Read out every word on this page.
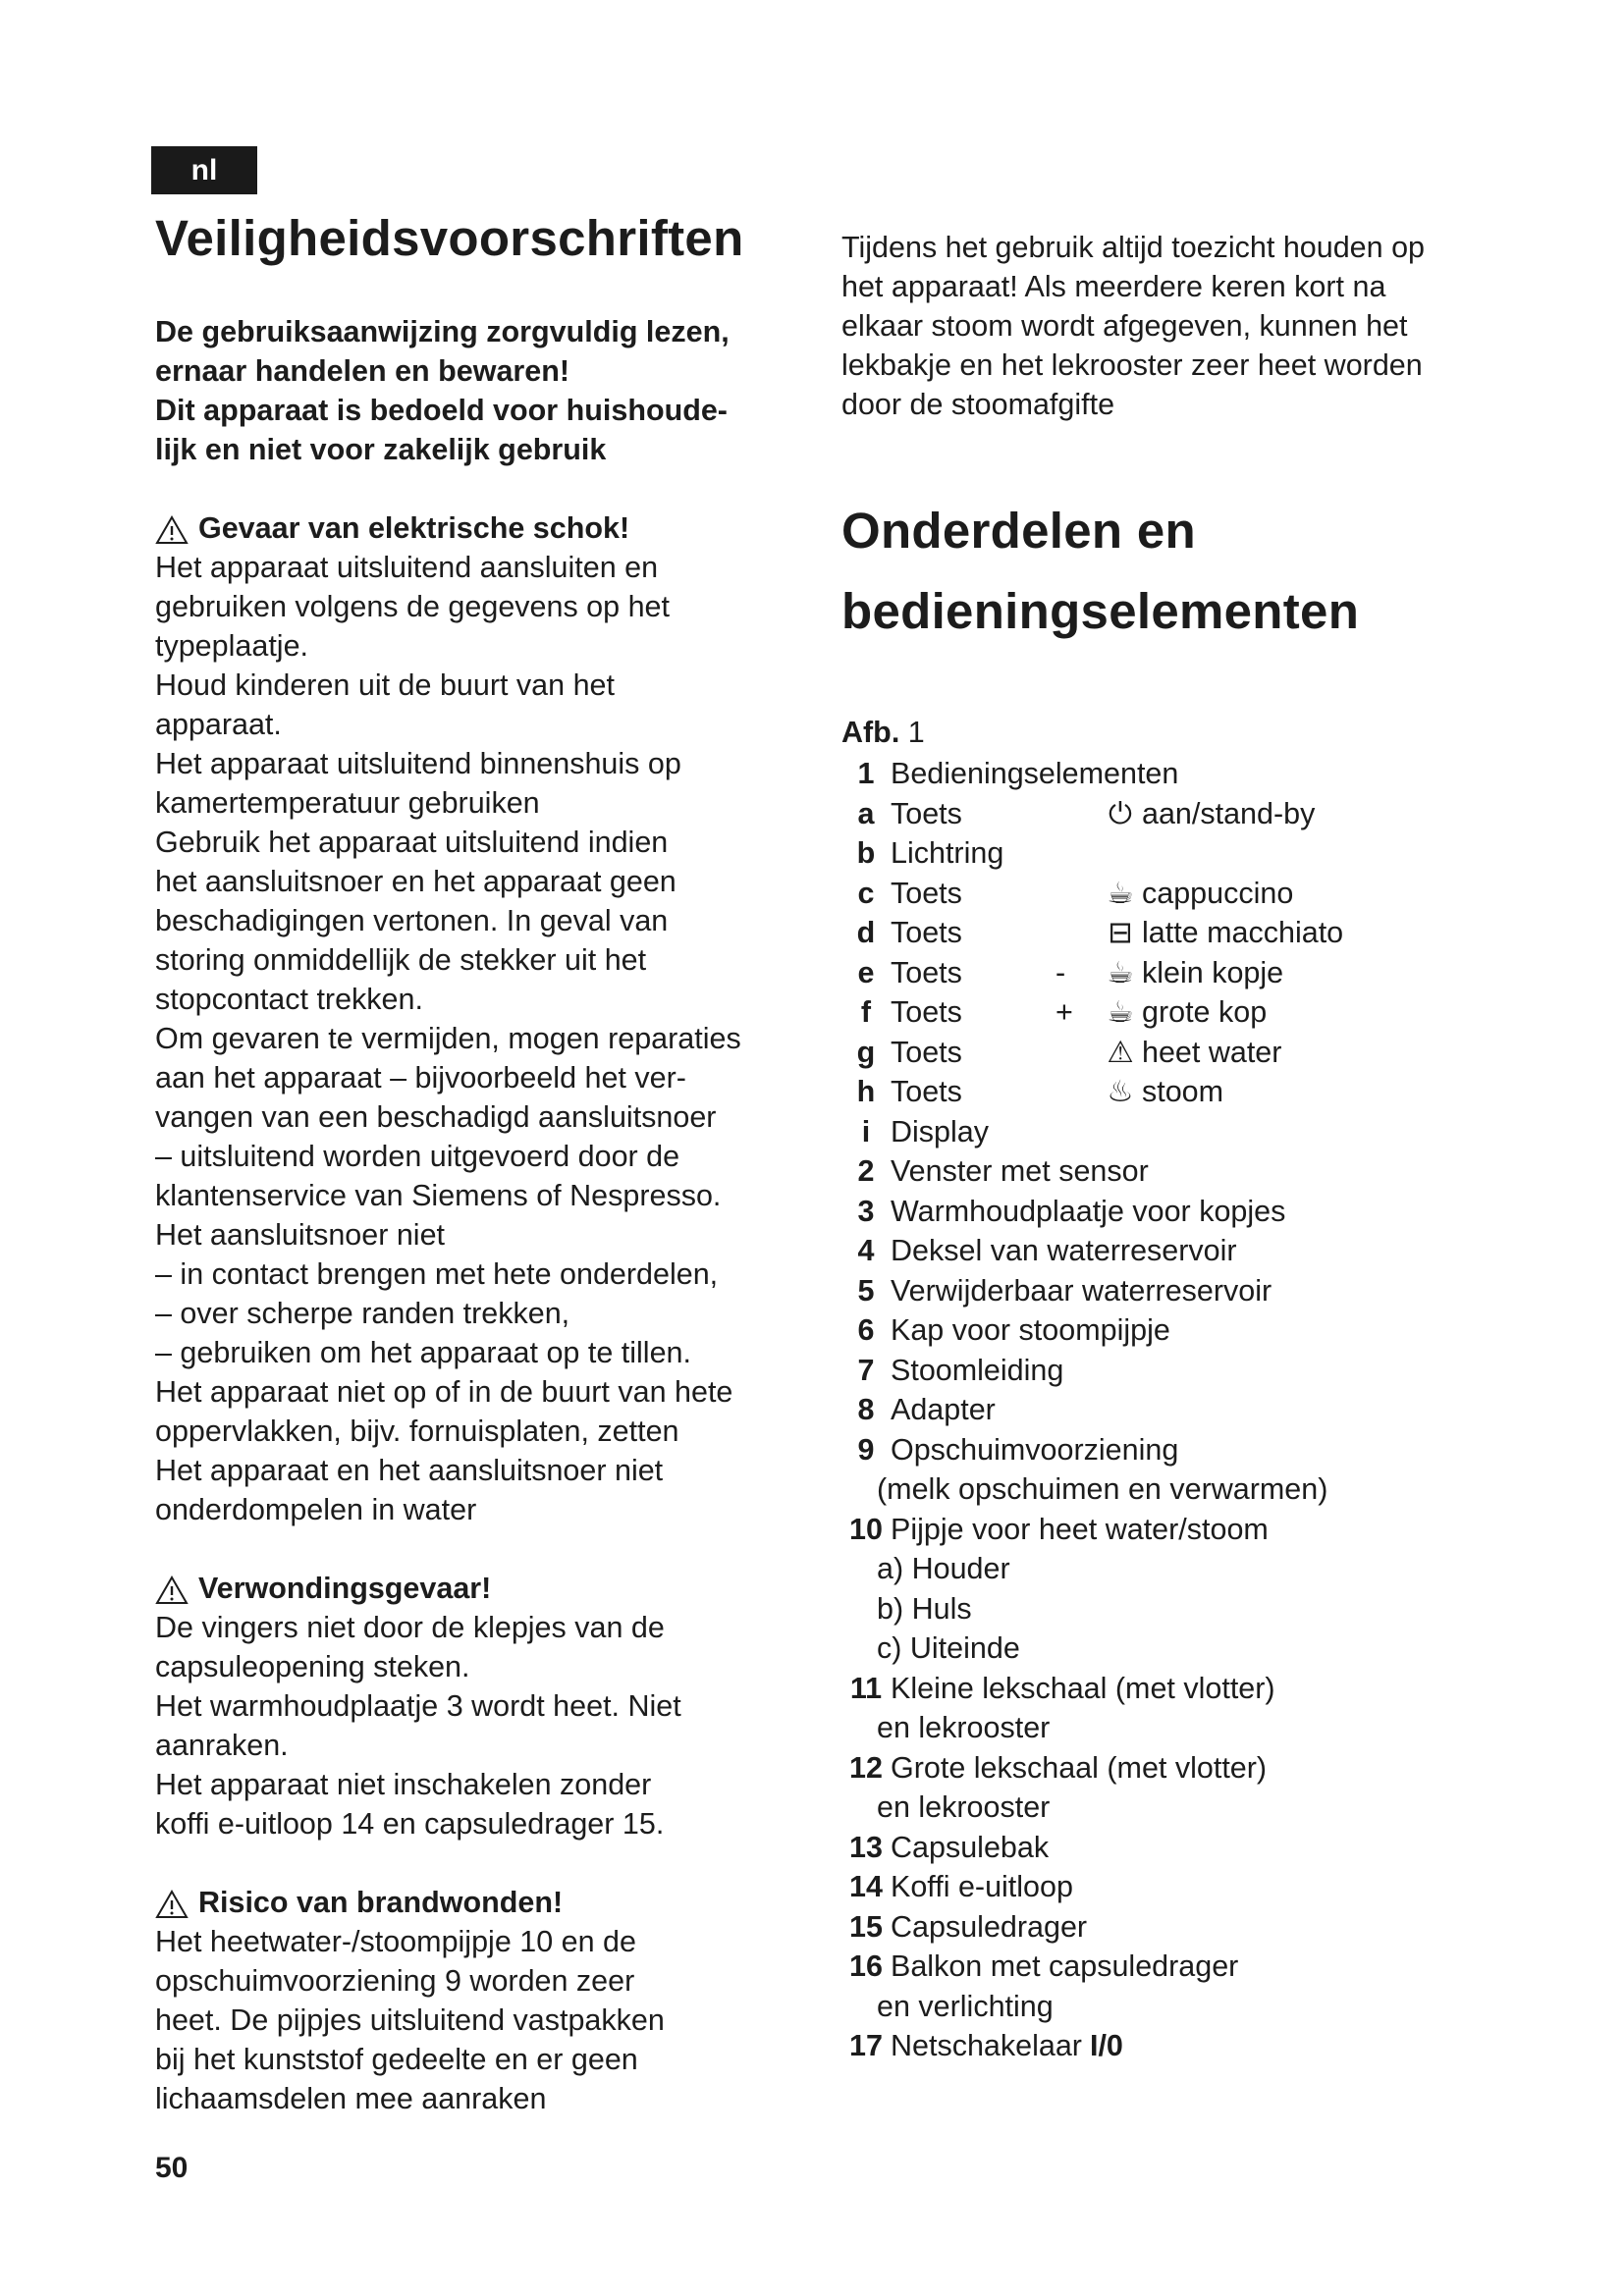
nl
Veiligheidsvoorschriften
De gebruiksaanwijzing zorgvuldig lezen,
ernaar handelen en bewaren!
Dit apparaat is bedoeld voor huishoude-
lijk en niet voor zakelijk gebruik
Gevaar van elektrische schok!
Het apparaat uitsluitend aansluiten en
gebruiken volgens de gegevens op het
typeplaatje.
Houd kinderen uit de buurt van het
apparaat.
Het apparaat uitsluitend binnenshuis op
kamertemperatuur gebruiken
Gebruik het apparaat uitsluitend indien
het aansluitsnoer en het apparaat geen
beschadigingen vertonen. In geval van
storing onmiddellijk de stekker uit het
stopcontact trekken.
Om gevaren te vermijden, mogen reparaties
aan het apparaat – bijvoorbeeld het ver-
vangen van een beschadigd aansluitsnoer
– uitsluitend worden uitgevoerd door de
klantenservice van Siemens of Nespresso.
Het aansluitsnoer niet
– in contact brengen met hete onderdelen,
– over scherpe randen trekken,
– gebruiken om het apparaat op te tillen.
Het apparaat niet op of in de buurt van hete
oppervlakken, bijv. fornuisplaten, zetten
Het apparaat en het aansluitsnoer niet
onderdompelen in water
Verwondingsgevaar!
De vingers niet door de klepjes van de
capsuleopening steken.
Het warmhoudplaatje 3 wordt heet. Niet
aanraken.
Het apparaat niet inschakelen zonder
koffi e-uitloop 14 en capsuledrager 15.
Risico van brandwonden!
Het heetwater-/stoompijpje 10 en de
opschuimvoorziening 9 worden zeer
heet. De pijpjes uitsluitend vastpakken
bij het kunststof gedeelte en er geen
lichaamsdelen mee aanraken
50
Tijdens het gebruik altijd toezicht houden op
het apparaat! Als meerdere keren kort na
elkaar stoom wordt afgegeven, kunnen het
lekbakje en het lekrooster zeer heet worden
door de stoomafgifte
Onderdelen en
bedieningselementen
Afb. 1
1 Bedieningselementen
a Toets	⏻ aan/stand-by
b Lichtring
c Toets	☕ cappuccino
d Toets	⊟ latte macchiato
e Toets	-	☕ klein kopje
f Toets	+	☕ grote kop
g Toets	⚠ heet water
h Toets	♨ stoom
i Display
2 Venster met sensor
3 Warmhoudplaatje voor kopjes
4 Deksel van waterreservoir
5 Verwijderbaar waterreservoir
6 Kap voor stoompijpje
7 Stoomleiding
8 Adapter
9 Opschuimvoorziening
(melk opschuimen en verwarmen)
10 Pijpje voor heet water/stoom
a) Houder
b) Huls
c) Uiteinde
11 Kleine lekschaal (met vlotter)
en lekrooster
12 Grote lekschaal (met vlotter)
en lekrooster
13 Capsulebak
14 Koffi e-uitloop
15 Capsuledrager
16 Balkon met capsuledrager
en verlichting
17 Netschakelaar I/0
